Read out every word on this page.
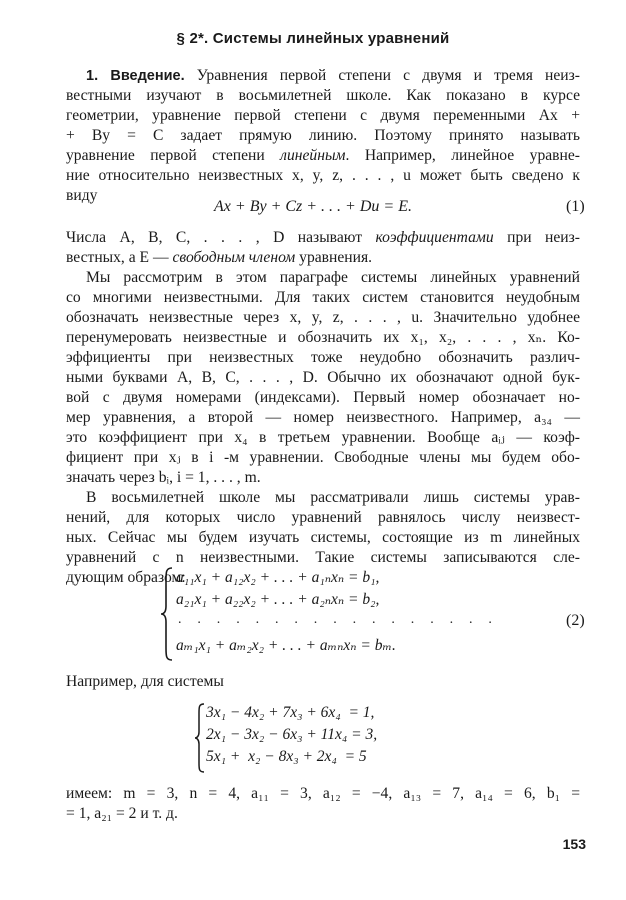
§ 2*. Системы линейных уравнений
1. Введение. Уравнения первой степени с двумя и тремя неиз-
вестными изучают в восьмилетней школе. Как показано в курсе
геометрии, уравнение первой степени с двумя переменными Ax +
+ By = C задает прямую линию. Поэтому принято называть
уравнение первой степени линейным. Например, линейное уравне-
ние относительно неизвестных x, y, z, . . . , u может быть сведено к
виду
Ax + By + Cz + . . . + Du = E.	(1)
Числа A, B, C, . . . , D называют коэффициентами при неиз-
вестных, а E — свободным членом уравнения.
Мы рассмотрим в этом параграфе системы линейных уравнений
со многими неизвестными. Для таких систем становится неудобным
обозначать неизвестные через x, y, z, . . . , u. Значительно удобнее
перенумеровать неизвестные и обозначить их x₁, x₂, . . . , xₙ. Ко-
эффициенты при неизвестных тоже неудобно обозначить различ-
ными буквами A, B, C, . . . , D. Обычно их обозначают одной бук-
вой с двумя номерами (индексами). Первый номер обозначает но-
мер уравнения, а второй — номер неизвестного. Например, a₃₄ —
это коэффициент при x₄ в третьем уравнении. Вообще aᵢⱼ — коэф-
фициент при xⱼ в i -м уравнении. Свободные члены мы будем обо-
значать через bᵢ, i = 1, . . . , m.
В восьмилетней школе мы рассматривали лишь системы урав-
нений, для которых число уравнений равнялось числу неизвест-
ных. Сейчас мы будем изучать системы, состоящие из m линейных
уравнений с n неизвестными. Такие системы записываются сле-
дующим образом:
a₁₁x₁ + a₁₂x₂ + . . . + a₁ₙxₙ = b₁,
a₂₁x₁ + a₂₂x₂ + . . . + a₂ₙxₙ = b₂,
. . . . . . . . . . . . . . . . .
aₘ₁x₁ + aₘ₂x₂ + . . . + aₘₙxₙ = bₘ.
(2)
Например, для системы
3x₁ − 4x₂ + 7x₃ + 6x₄  = 1,
2x₁ − 3x₂ − 6x₃ + 11x₄ = 3,
5x₁ +  x₂ − 8x₃ + 2x₄  = 5
имеем: m = 3, n = 4, a₁₁ = 3, a₁₂ = −4, a₁₃ = 7, a₁₄ = 6, b₁ =
= 1, a₂₁ = 2 и т. д.
153
